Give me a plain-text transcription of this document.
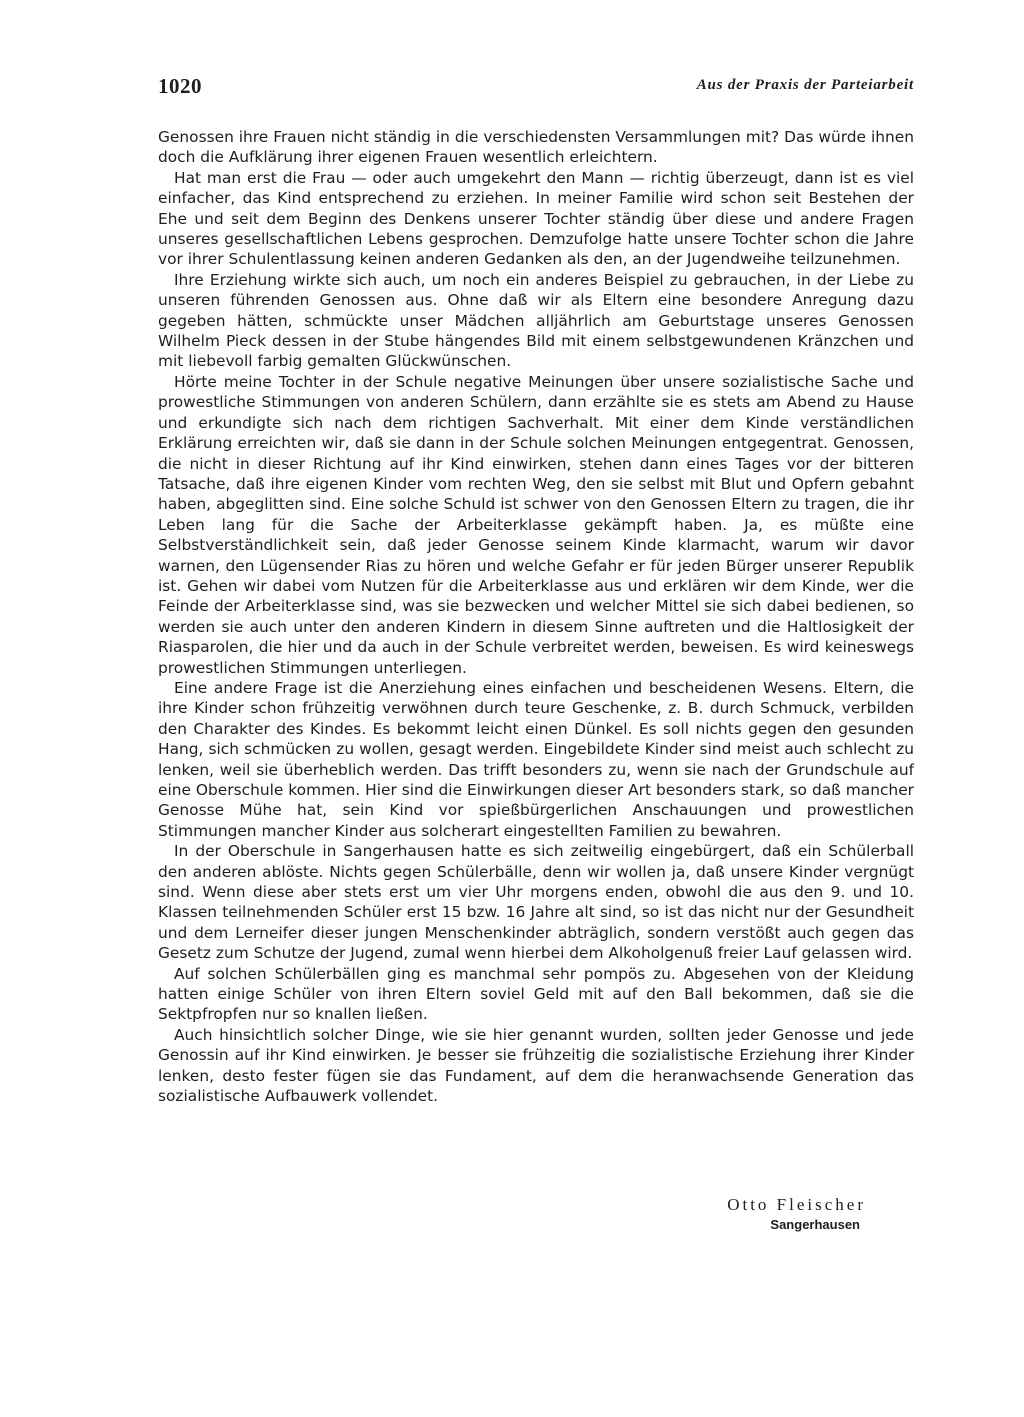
1020	Aus der Praxis der Parteiarbeit

Genossen ihre Frauen nicht ständig in die verschiedensten Versammlungen mit? Das würde ihnen doch die Aufklärung ihrer eigenen Frauen wesentlich erleichtern.

Hat man erst die Frau — oder auch umgekehrt den Mann — richtig überzeugt, dann ist es viel einfacher, das Kind entsprechend zu erziehen. In meiner Familie wird schon seit Bestehen der Ehe und seit dem Beginn des Denkens unserer Tochter ständig über diese und andere Fragen unseres gesellschaftlichen Lebens gesprochen. Demzufolge hatte unsere Tochter schon die Jahre vor ihrer Schulentlassung keinen anderen Gedanken als den, an der Jugendweihe teilzunehmen.

Ihre Erziehung wirkte sich auch, um noch ein anderes Beispiel zu gebrauchen, in der Liebe zu unseren führenden Genossen aus. Ohne daß wir als Eltern eine besondere Anregung dazu gegeben hätten, schmückte unser Mädchen alljährlich am Geburtstage unseres Genossen Wilhelm Pieck dessen in der Stube hängendes Bild mit einem selbstgewundenen Kränzchen und mit liebevoll farbig gemalten Glückwünschen.

Hörte meine Tochter in der Schule negative Meinungen über unsere sozialistische Sache und prowestliche Stimmungen von anderen Schülern, dann erzählte sie es stets am Abend zu Hause und erkundigte sich nach dem richtigen Sachverhalt. Mit einer dem Kinde verständlichen Erklärung erreichten wir, daß sie dann in der Schule solchen Meinungen entgegentrat. Genossen, die nicht in dieser Richtung auf ihr Kind einwirken, stehen dann eines Tages vor der bitteren Tatsache, daß ihre eigenen Kinder vom rechten Weg, den sie selbst mit Blut und Opfern gebahnt haben, abgeglitten sind. Eine solche Schuld ist schwer von den Genossen Eltern zu tragen, die ihr Leben lang für die Sache der Arbeiterklasse gekämpft haben. Ja, es müßte eine Selbstverständlichkeit sein, daß jeder Genosse seinem Kinde klarmacht, warum wir davor warnen, den Lügensender Rias zu hören und welche Gefahr er für jeden Bürger unserer Republik ist. Gehen wir dabei vom Nutzen für die Arbeiterklasse aus und erklären wir dem Kinde, wer die Feinde der Arbeiterklasse sind, was sie bezwecken und welcher Mittel sie sich dabei bedienen, so werden sie auch unter den anderen Kindern in diesem Sinne auftreten und die Haltlosigkeit der Riasparolen, die hier und da auch in der Schule verbreitet werden, beweisen. Es wird keineswegs prowestlichen Stimmungen unterliegen.

Eine andere Frage ist die Anerziehung eines einfachen und bescheidenen Wesens. Eltern, die ihre Kinder schon frühzeitig verwöhnen durch teure Geschenke, z. B. durch Schmuck, verbilden den Charakter des Kindes. Es bekommt leicht einen Dünkel. Es soll nichts gegen den gesunden Hang, sich schmücken zu wollen, gesagt werden. Eingebildete Kinder sind meist auch schlecht zu lenken, weil sie überheblich werden. Das trifft besonders zu, wenn sie nach der Grundschule auf eine Oberschule kommen. Hier sind die Einwirkungen dieser Art besonders stark, so daß mancher Genosse Mühe hat, sein Kind vor spießbürgerlichen Anschauungen und prowestlichen Stimmungen mancher Kinder aus solcherart eingestellten Familien zu bewahren.

In der Oberschule in Sangerhausen hatte es sich zeitweilig eingebürgert, daß ein Schülerball den anderen ablöste. Nichts gegen Schülerbälle, denn wir wollen ja, daß unsere Kinder vergnügt sind. Wenn diese aber stets erst um vier Uhr morgens enden, obwohl die aus den 9. und 10. Klassen teilnehmenden Schüler erst 15 bzw. 16 Jahre alt sind, so ist das nicht nur der Gesundheit und dem Lerneifer dieser jungen Menschenkinder abträglich, sondern verstößt auch gegen das Gesetz zum Schutze der Jugend, zumal wenn hierbei dem Alkoholgenuß freier Lauf gelassen wird.

Auf solchen Schülerbällen ging es manchmal sehr pompös zu. Abgesehen von der Kleidung hatten einige Schüler von ihren Eltern soviel Geld mit auf den Ball bekommen, daß sie die Sektpfropfen nur so knallen ließen.

Auch hinsichtlich solcher Dinge, wie sie hier genannt wurden, sollten jeder Genosse und jede Genossin auf ihr Kind einwirken. Je besser sie frühzeitig die sozialistische Erziehung ihrer Kinder lenken, desto fester fügen sie das Fundament, auf dem die heranwachsende Generation das sozialistische Aufbauwerk vollendet.

Otto Fleischer
Sangerhausen
